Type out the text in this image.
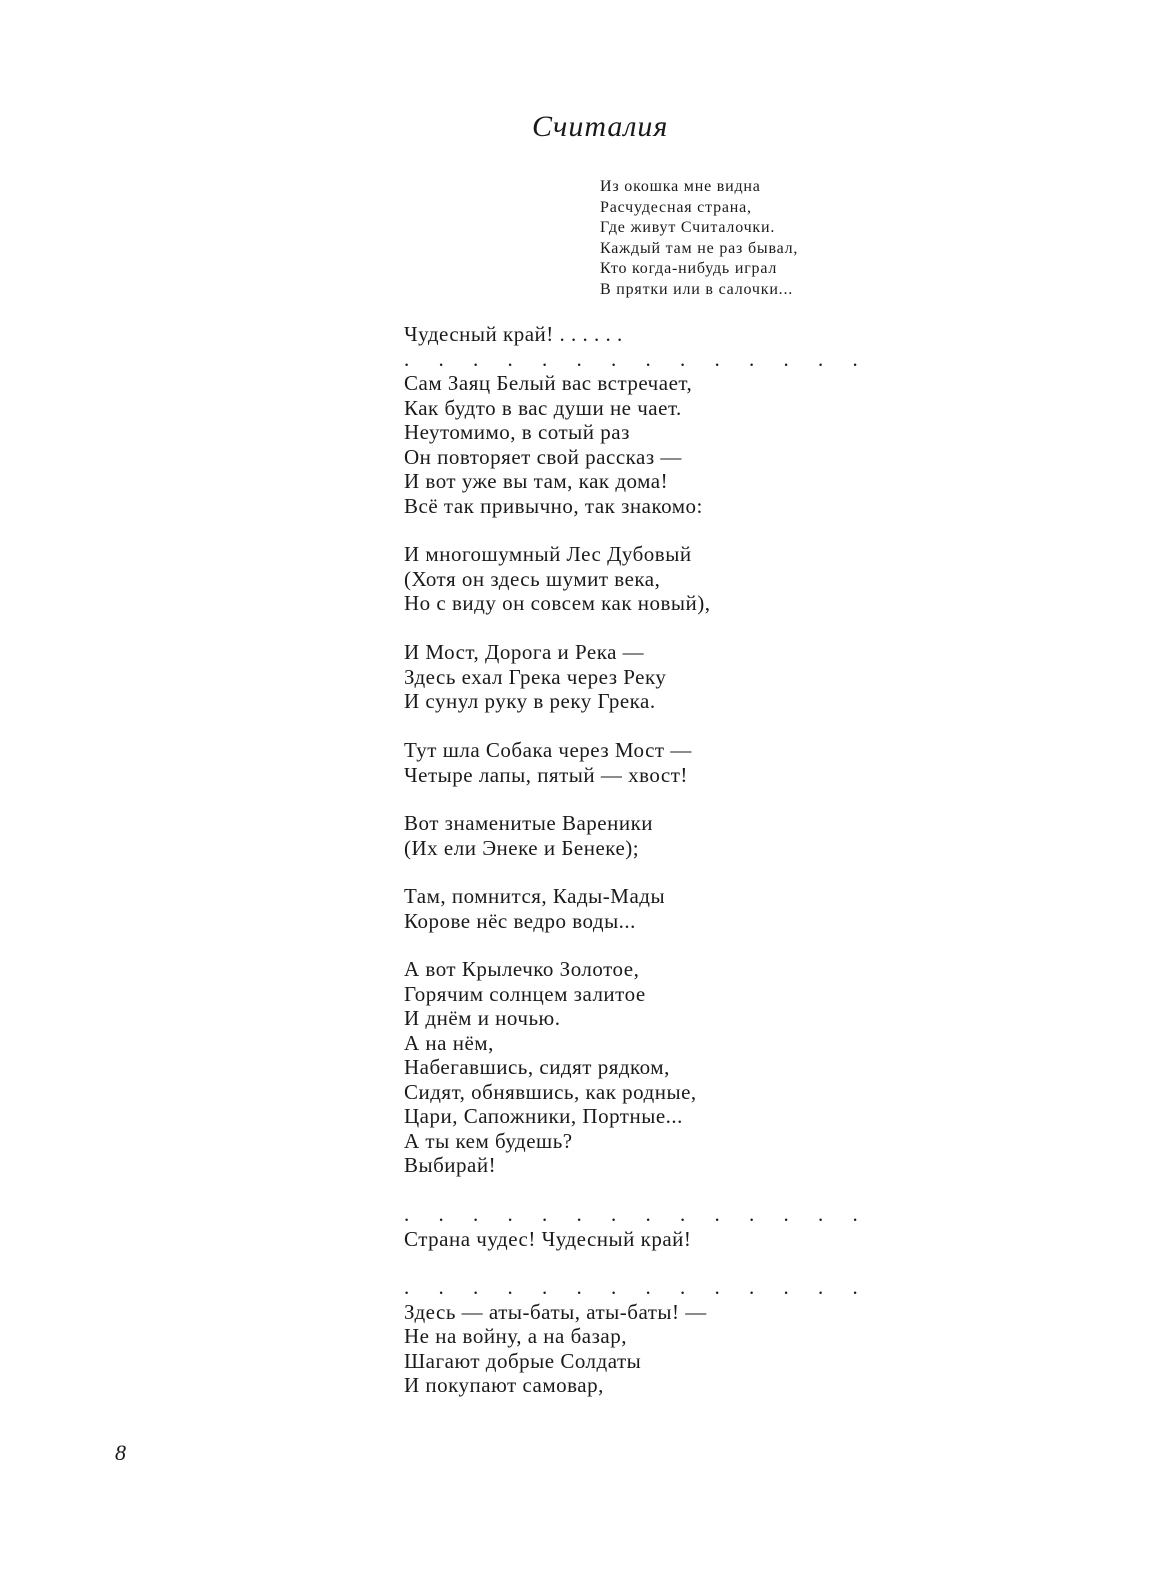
Считалия
Из окошка мне видна
Расчудесная страна,
Где живут Считалочки.
Каждый там не раз бывал,
Кто когда-нибудь играл
В прятки или в салочки...
Чудесный край! . . . . . .
. . . . . . . . . . . . . .
Сам Заяц Белый вас встречает,
Как будто в вас души не чает.
Неутомимо, в сотый раз
Он повторяет свой рассказ —
И вот уже вы там, как дома!
Всё так привычно, так знакомо:
И многошумный Лес Дубовый
(Хотя он здесь шумит века,
Но с виду он совсем как новый),
И Мост, Дорога и Река —
Здесь ехал Грека через Реку
И сунул руку в реку Грека.
Тут шла Собака через Мост —
Четыре лапы, пятый — хвост!
Вот знаменитые Вареники
(Их ели Энеке и Бенеке);
Там, помнится, Кады-Мады
Корове нёс ведро воды...
А вот Крылечко Золотое,
Горячим солнцем залитое
И днём и ночью.
А на нём,
Набегавшись, сидят рядком,
Сидят, обнявшись, как родные,
Цари, Сапожники, Портные...
А ты кем будешь?
Выбирай!
. . . . . . . . . . . . . .
Страна чудес! Чудесный край!
. . . . . . . . . . . . . .
Здесь — аты-баты, аты-баты! —
Не на войну, а на базар,
Шагают добрые Солдаты
И покупают самовар,
8
